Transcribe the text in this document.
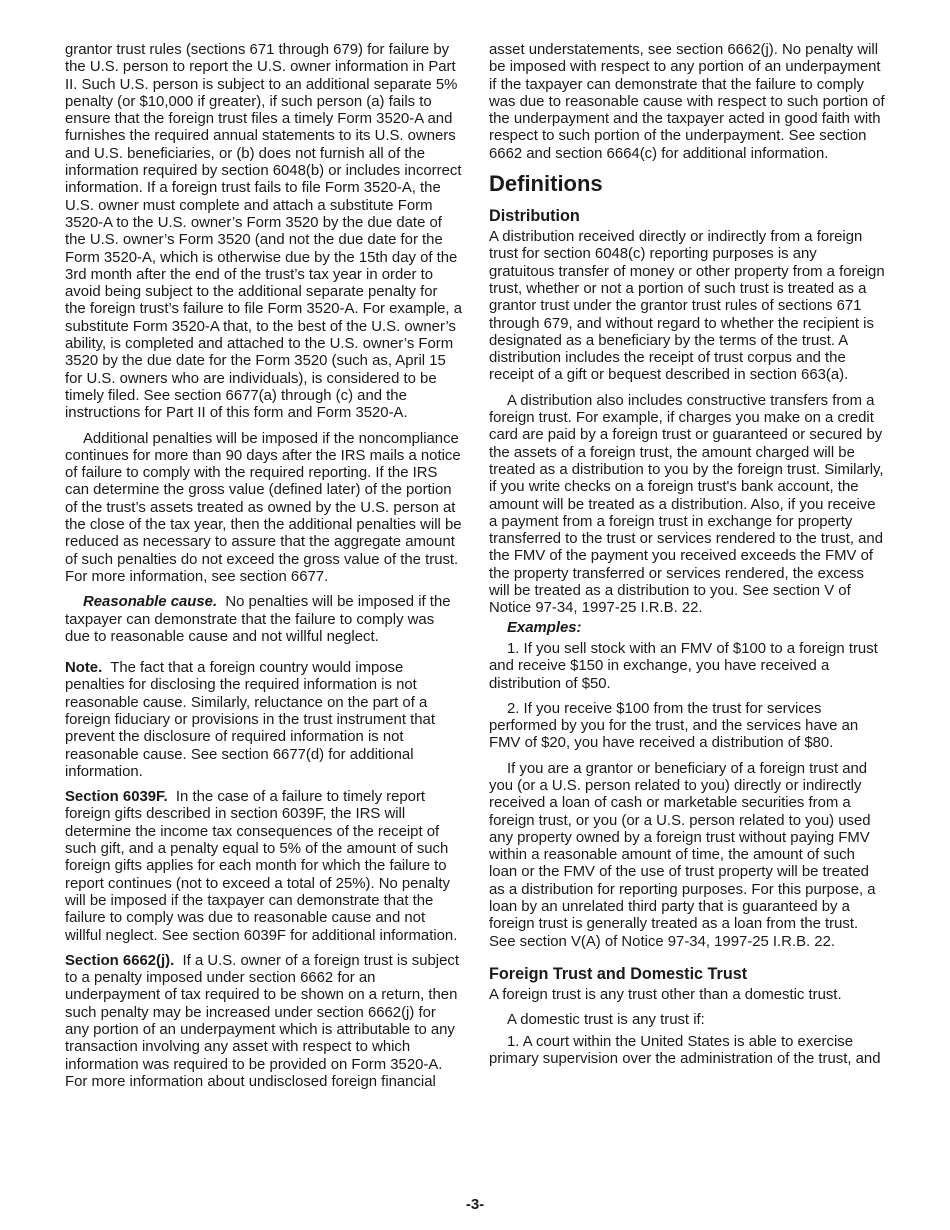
grantor trust rules (sections 671 through 679) for failure by the U.S. person to report the U.S. owner information in Part II. Such U.S. person is subject to an additional separate 5% penalty (or $10,000 if greater), if such person (a) fails to ensure that the foreign trust files a timely Form 3520-A and furnishes the required annual statements to its U.S. owners and U.S. beneficiaries, or (b) does not furnish all of the information required by section 6048(b) or includes incorrect information. If a foreign trust fails to file Form 3520-A, the U.S. owner must complete and attach a substitute Form 3520-A to the U.S. owner’s Form 3520 by the due date of the U.S. owner’s Form 3520 (and not the due date for the Form 3520-A, which is otherwise due by the 15th day of the 3rd month after the end of the trust’s tax year in order to avoid being subject to the additional separate penalty for the foreign trust’s failure to file Form 3520-A. For example, a substitute Form 3520-A that, to the best of the U.S. owner’s ability, is completed and attached to the U.S. owner’s Form 3520 by the due date for the Form 3520 (such as, April 15 for U.S. owners who are individuals), is considered to be timely filed. See section 6677(a) through (c) and the instructions for Part II of this form and Form 3520-A.

Additional penalties will be imposed if the noncompliance continues for more than 90 days after the IRS mails a notice of failure to comply with the required reporting. If the IRS can determine the gross value (defined later) of the portion of the trust’s assets treated as owned by the U.S. person at the close of the tax year, then the additional penalties will be reduced as necessary to assure that the aggregate amount of such penalties do not exceed the gross value of the trust. For more information, see section 6677.

Reasonable cause. No penalties will be imposed if the taxpayer can demonstrate that the failure to comply was due to reasonable cause and not willful neglect.

Note. The fact that a foreign country would impose penalties for disclosing the required information is not reasonable cause. Similarly, reluctance on the part of a foreign fiduciary or provisions in the trust instrument that prevent the disclosure of required information is not reasonable cause. See section 6677(d) for additional information.

Section 6039F. In the case of a failure to timely report foreign gifts described in section 6039F, the IRS will determine the income tax consequences of the receipt of such gift, and a penalty equal to 5% of the amount of such foreign gifts applies for each month for which the failure to report continues (not to exceed a total of 25%). No penalty will be imposed if the taxpayer can demonstrate that the failure to comply was due to reasonable cause and not willful neglect. See section 6039F for additional information.

Section 6662(j). If a U.S. owner of a foreign trust is subject to a penalty imposed under section 6662 for an underpayment of tax required to be shown on a return, then such penalty may be increased under section 6662(j) for any portion of an underpayment which is attributable to any transaction involving any asset with respect to which information was required to be provided on Form 3520-A. For more information about undisclosed foreign financial

asset understatements, see section 6662(j). No penalty will be imposed with respect to any portion of an underpayment if the taxpayer can demonstrate that the failure to comply was due to reasonable cause with respect to such portion of the underpayment and the taxpayer acted in good faith with respect to such portion of the underpayment. See section 6662 and section 6664(c) for additional information.

Definitions
Distribution

A distribution received directly or indirectly from a foreign trust for section 6048(c) reporting purposes is any gratuitous transfer of money or other property from a foreign trust, whether or not a portion of such trust is treated as a grantor trust under the grantor trust rules of sections 671 through 679, and without regard to whether the recipient is designated as a beneficiary by the terms of the trust. A distribution includes the receipt of trust corpus and the receipt of a gift or bequest described in section 663(a).

A distribution also includes constructive transfers from a foreign trust. For example, if charges you make on a credit card are paid by a foreign trust or guaranteed or secured by the assets of a foreign trust, the amount charged will be treated as a distribution to you by the foreign trust. Similarly, if you write checks on a foreign trust's bank account, the amount will be treated as a distribution. Also, if you receive a payment from a foreign trust in exchange for property transferred to the trust or services rendered to the trust, and the FMV of the payment you received exceeds the FMV of the property transferred or services rendered, the excess will be treated as a distribution to you. See section V of Notice 97-34, 1997-25 I.R.B. 22.

Examples:

1. If you sell stock with an FMV of $100 to a foreign trust and receive $150 in exchange, you have received a distribution of $50.

2. If you receive $100 from the trust for services performed by you for the trust, and the services have an FMV of $20, you have received a distribution of $80.

If you are a grantor or beneficiary of a foreign trust and you (or a U.S. person related to you) directly or indirectly received a loan of cash or marketable securities from a foreign trust, or you (or a U.S. person related to you) used any property owned by a foreign trust without paying FMV within a reasonable amount of time, the amount of such loan or the FMV of the use of trust property will be treated as a distribution for reporting purposes. For this purpose, a loan by an unrelated third party that is guaranteed by a foreign trust is generally treated as a loan from the trust. See section V(A) of Notice 97-34, 1997-25 I.R.B. 22.

Foreign Trust and Domestic Trust

A foreign trust is any trust other than a domestic trust.

A domestic trust is any trust if:

1. A court within the United States is able to exercise primary supervision over the administration of the trust, and

-3-
